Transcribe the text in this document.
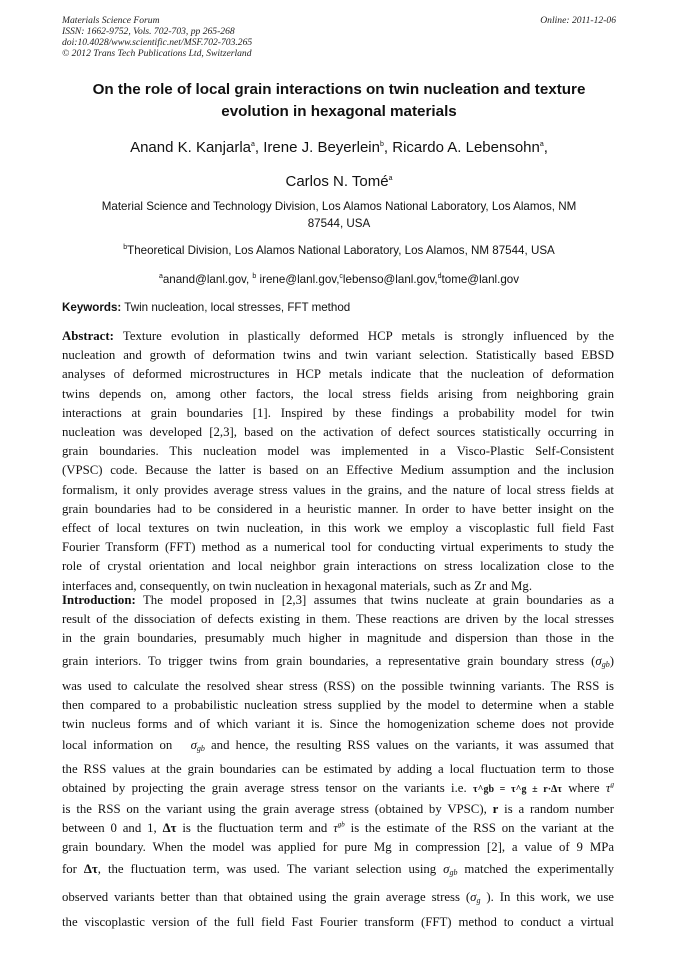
Materials Science Forum
ISSN: 1662-9752, Vols. 702-703, pp 265-268
doi:10.4028/www.scientific.net/MSF.702-703.265
© 2012 Trans Tech Publications Ltd, Switzerland
Online: 2011-12-06
On the role of local grain interactions on twin nucleation and texture
evolution in hexagonal materials
Anand K. Kanjarla$^a$, Irene J. Beyerlein$^b$, Ricardo A. Lebensohn$^a$,
Carlos N. Tomé$^a$
Material Science and Technology Division, Los Alamos National Laboratory, Los Alamos, NM
87544, USA
$^b$Theoretical Division, Los Alamos National Laboratory, Los Alamos, NM 87544, USA
$^a$anand@lanl.gov, $^b$ irene@lanl.gov,$^c$lebenso@lanl.gov,$^d$tome@lanl.gov
Keywords: Twin nucleation, local stresses, FFT method
Abstract: Texture evolution in plastically deformed HCP metals is strongly influenced by the
nucleation and growth of deformation twins and twin variant selection. Statistically based EBSD
analyses of deformed microstructures in HCP metals indicate that the nucleation of deformation
twins depends on, among other factors, the local stress fields arising from neighboring grain
interactions at grain boundaries [1]. Inspired by these findings a probability model for twin
nucleation was developed [2,3], based on the activation of defect sources statistically occurring in
grain boundaries. This nucleation model was implemented in a Visco-Plastic Self-Consistent
(VPSC) code. Because the latter is based on an Effective Medium assumption and the inclusion
formalism, it only provides average stress values in the grains, and the nature of local stress fields at
grain boundaries had to be considered in a heuristic manner. In order to have better insight on the
effect of local textures on twin nucleation, in this work we employ a viscoplastic full field Fast
Fourier Transform (FFT) method as a numerical tool for conducting virtual experiments to study the
role of crystal orientation and local neighbor grain interactions on stress localization close to the
interfaces and, consequently, on twin nucleation in hexagonal materials, such as Zr and Mg.
Introduction: The model proposed in [2,3] assumes that twins nucleate at grain boundaries as a
result of the dissociation of defects existing in them. These reactions are driven by the local stresses
in the grain boundaries, presumably much higher in magnitude and dispersion than those in the
grain interiors. To trigger twins from grain boundaries, a representative grain boundary stress $(\sigma_{gb})$
was used to calculate the resolved shear stress (RSS) on the possible twinning variants. The RSS is
then compared to a probabilistic nucleation stress supplied by the model to determine when a stable
twin nucleus forms and of which variant it is. Since the homogenization scheme does not provide
local information on   $\sigma_{gb}$ and hence, the resulting RSS values on the variants, it was assumed that
the RSS values at the grain boundaries can be estimated by adding a local fluctuation term to those
obtained by projecting the grain average stress tensor on the variants i.e. τ^gb = τ^g ± r·Δτ where $\tau^g$
is the RSS on the variant using the grain average stress (obtained by VPSC), r is a random number
between 0 and 1, Δτ is the fluctuation term and $\tau^{gb}$ is the estimate of the RSS on the variant at the
grain boundary. When the model was applied for pure Mg in compression [2], a value of 9 MPa
for Δτ, the fluctuation term, was used. The variant selection using $\sigma_{gb}$ matched the experimentally
observed variants better than that obtained using the grain average stress ($\sigma_g$ ). In this work, we use
the viscoplastic version of the full field Fast Fourier transform (FFT) method to conduct a virtual
